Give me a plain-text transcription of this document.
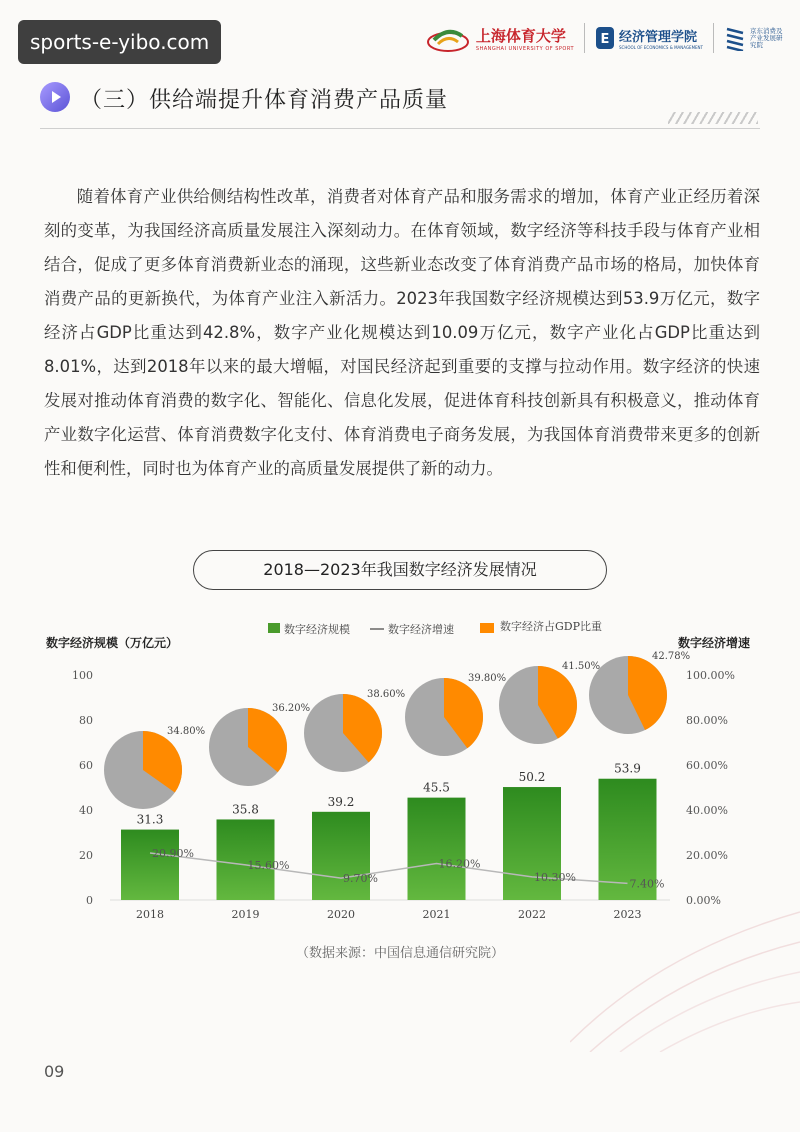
sports-e-yibo.com	上海体育大学
SHANGHAI UNIVERSITY OF SPORT
E 经济管理学院
SCHOOL OF ECONOMICS & MANAGEMENT
京东消费及产业发展研究院
（三）供给端提升体育消费产品质量

随着体育产业供给侧结构性改革，消费者对体育产品和服务需求的增加，体育产业正经历着深刻的变革，为我国经济高质量发展注入深刻动力。在体育领域，数字经济等科技手段与体育产业相结合，促成了更多体育消费新业态的涌现，这些新业态改变了体育消费产品市场的格局，加快体育消费产品的更新换代，为体育产业注入新活力。2023年我国数字经济规模达到53.9万亿元，数字经济占GDP比重达到42.8%，数字产业化规模达到10.09万亿元，数字产业化占GDP比重达到8.01%，达到2018年以来的最大增幅，对国民经济起到重要的支撑与拉动作用。数字经济的快速发展对推动体育消费的数字化、智能化、信息化发展，促进体育科技创新具有积极意义，推动体育产业数字化运营、体育消费数字化支付、体育消费电子商务发展，为我国体育消费带来更多的创新性和便利性，同时也为体育产业的高质量发展提供了新的动力。

2018—2023年我国数字经济发展情况
数字经济规模（万亿元）	数字经济增速
数字经济规模	数字经济增速	数字经济占GDP比重
0
20
40
60
80
100
0.00%
20.00%
40.00%
60.00%
80.00%
100.00%
31.3
2018
35.8
2019
39.2
2020
45.5
2021
50.2
2022
53.9
2023
20.90%
15.60%
9.70%
16.20%
10.30%
7.40%
34.80%
36.20%
38.60%
39.80%
41.50%
42.78%
（数据来源：中国信息通信研究院）
09
